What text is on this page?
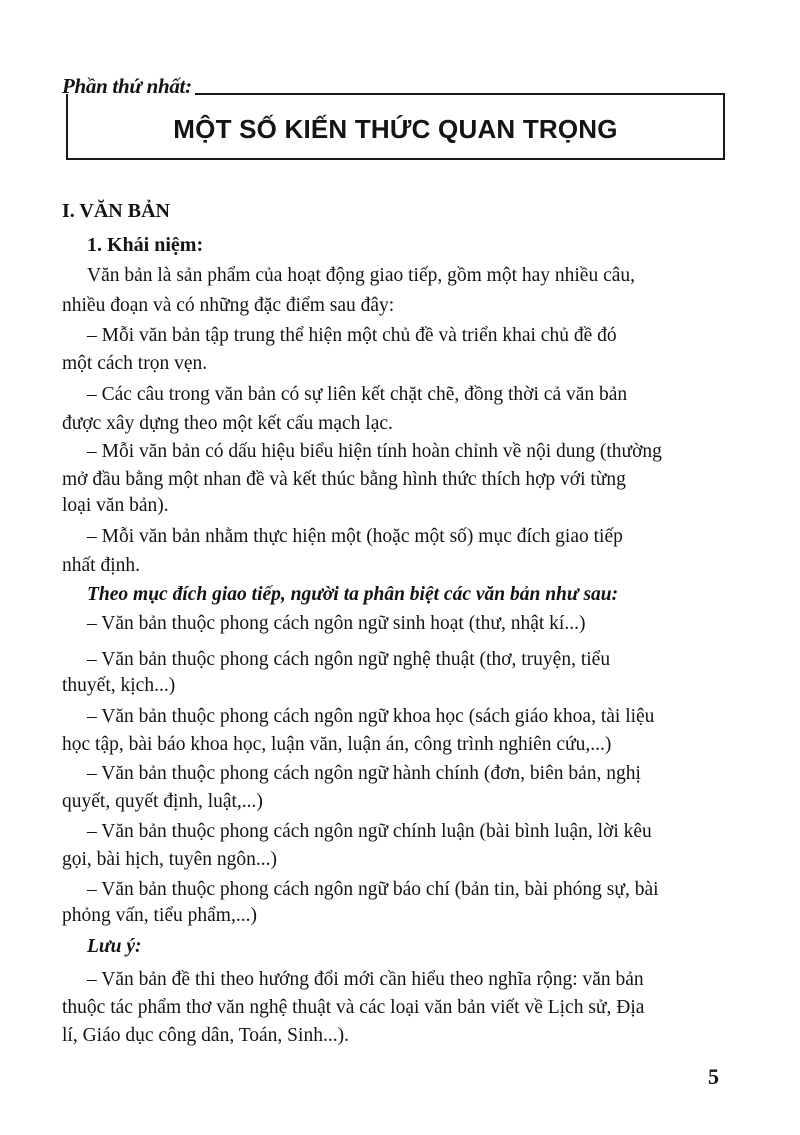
Phần thứ nhất:
MỘT SỐ KIẾN THỨC QUAN TRỌNG
I. VĂN BẢN
1. Khái niệm:
Văn bản là sản phẩm của hoạt động giao tiếp, gồm một hay nhiều câu,
nhiều đoạn và có những đặc điểm sau đây:
– Mỗi văn bản tập trung thể hiện một chủ đề và triển khai chủ đề đó
một cách trọn vẹn.
– Các câu trong văn bản có sự liên kết chặt chẽ, đồng thời cả văn bản
được xây dựng theo một kết cấu mạch lạc.
– Mỗi văn bản có dấu hiệu biểu hiện tính hoàn chỉnh về nội dung (thường
mở đầu bằng một nhan đề và kết thúc bằng hình thức thích hợp với từng
loại văn bản).
– Mỗi văn bản nhằm thực hiện một (hoặc một số) mục đích giao tiếp
nhất định.
Theo mục đích giao tiếp, người ta phân biệt các văn bản như sau:
– Văn bản thuộc phong cách ngôn ngữ sinh hoạt (thư, nhật kí...)
– Văn bản thuộc phong cách ngôn ngữ nghệ thuật (thơ, truyện, tiểu
thuyết, kịch...)
– Văn bản thuộc phong cách ngôn ngữ khoa học (sách giáo khoa, tài liệu
học tập, bài báo khoa học, luận văn, luận án, công trình nghiên cứu,...)
– Văn bản thuộc phong cách ngôn ngữ hành chính (đơn, biên bản, nghị
quyết, quyết định, luật,...)
– Văn bản thuộc phong cách ngôn ngữ chính luận (bài bình luận, lời kêu
gọi, bài hịch, tuyên ngôn...)
– Văn bản thuộc phong cách ngôn ngữ báo chí (bản tin, bài phóng sự, bài
phỏng vấn, tiểu phẩm,...)
Lưu ý:
– Văn bản đề thi theo hướng đổi mới cần hiểu theo nghĩa rộng: văn bản
thuộc tác phẩm thơ văn nghệ thuật và các loại văn bản viết về Lịch sử, Địa
lí, Giáo dục công dân, Toán, Sinh...).
5
